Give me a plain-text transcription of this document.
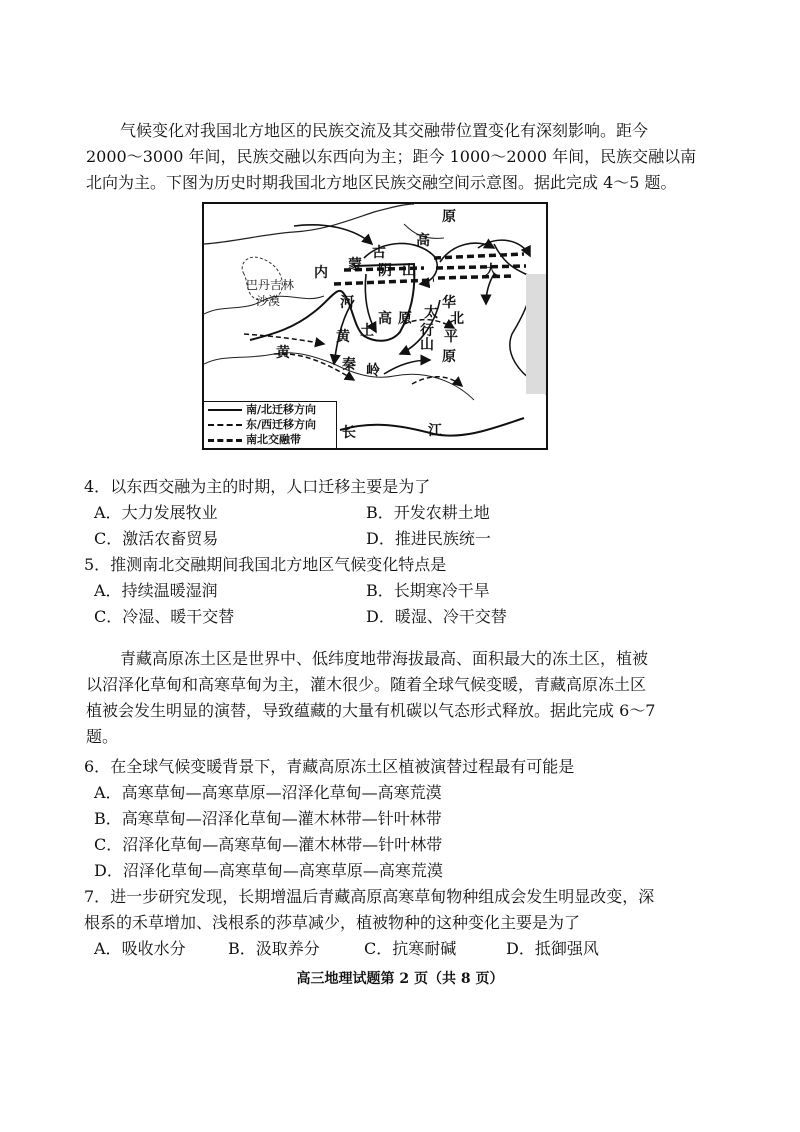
气候变化对我国北方地区的民族交流及其交融带位置变化有深刻影响。距今
2000～3000 年间，民族交融以东西向为主；距今 1000～2000 年间，民族交融以南
北向为主。下图为历史时期我国北方地区民族交融空间示意图。据此完成 4～5 题。
原
高
古
蒙
内	阴 山	大
巴丹吉林
沙漠	河	华
太 北
黄 土
高 原
行
山 平
原
黄
秦 岭
长	江
南/北迁移方向
东/西迁移方向
南北交融带
4．以东西交融为主的时期，人口迁移主要是为了
A．大力发展牧业	B．开发农耕土地
C．激活农畜贸易	D．推进民族统一
5．推测南北交融期间我国北方地区气候变化特点是
A．持续温暖湿润	B．长期寒冷干旱
C．冷湿、暖干交替	D．暖湿、冷干交替
青藏高原冻土区是世界中、低纬度地带海拔最高、面积最大的冻土区，植被
以沼泽化草甸和高寒草甸为主，灌木很少。随着全球气候变暖，青藏高原冻土区
植被会发生明显的演替，导致蕴藏的大量有机碳以气态形式释放。据此完成 6～7
题。
6．在全球气候变暖背景下，青藏高原冻土区植被演替过程最有可能是
A．高寒草甸—高寒草原—沼泽化草甸—高寒荒漠
B．高寒草甸—沼泽化草甸—灌木林带—针叶林带
C．沼泽化草甸—高寒草甸—灌木林带—针叶林带
D．沼泽化草甸—高寒草甸—高寒草原—高寒荒漠
7．进一步研究发现，长期增温后青藏高原高寒草甸物种组成会发生明显改变，深
根系的禾草增加、浅根系的莎草减少，植被物种的这种变化主要是为了
A．吸收水分	B．汲取养分	C．抗寒耐碱	D．抵御强风
高三地理试题第 2 页（共 8 页）
